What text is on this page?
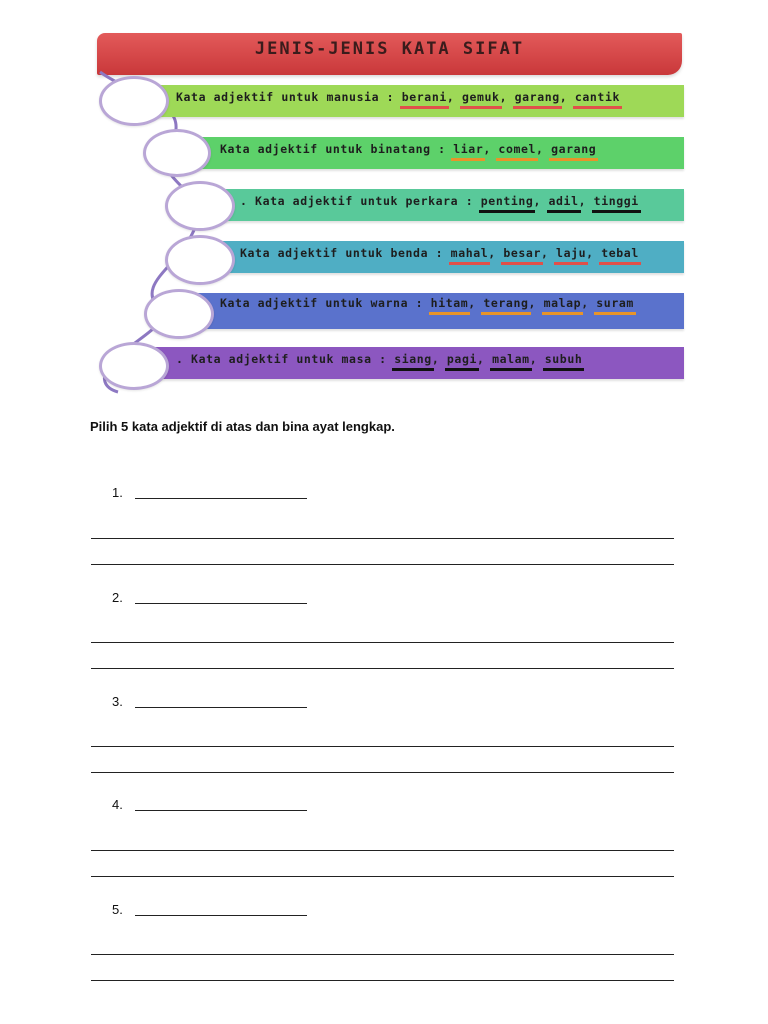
JENIS-JENIS KATA SIFAT
Kata adjektif untuk manusia : berani, gemuk, garang, cantik
Kata adjektif untuk binatang : liar, comel, garang
. Kata adjektif untuk perkara : penting, adil, tinggi
Kata adjektif untuk benda : mahal, besar, laju, tebal
Kata adjektif untuk warna : hitam, terang, malap, suram
. Kata adjektif untuk masa : siang, pagi, malam, subuh
Pilih 5 kata adjektif di atas dan bina ayat lengkap.
1.
2.
3.
4.
5.
